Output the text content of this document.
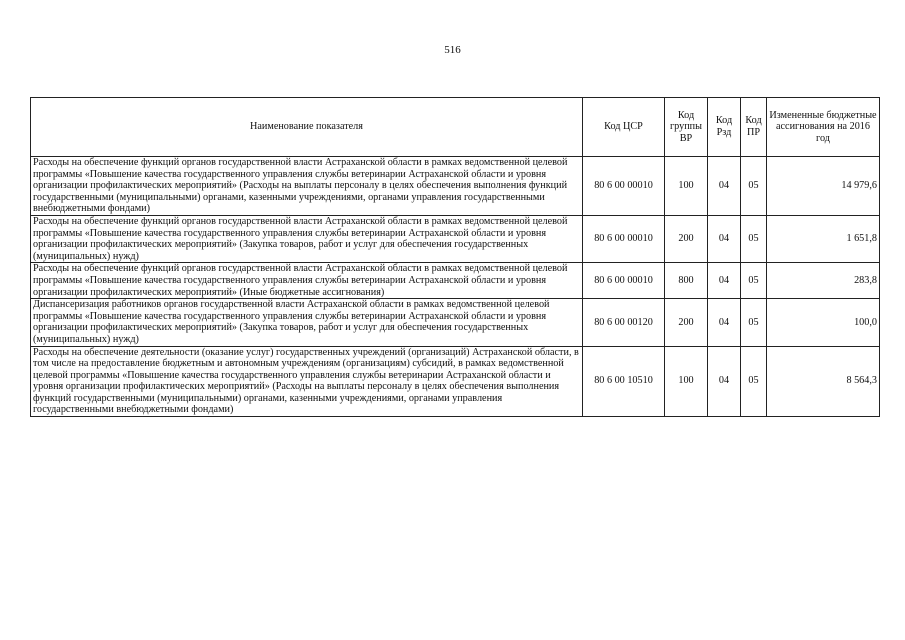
516
Наименование показателя	Код ЦСР	Код группы ВР	Код Рзд	Код ПР	Измененные бюджетные ассигнования на 2016 год
Расходы на обеспечение функций органов государственной власти Астраханской области в рамках ведомственной целевой программы «Повышение качества государственного управления службы ветеринарии Астраханской области и уровня организации профилактических мероприятий» (Расходы на выплаты персоналу в целях обеспечения выполнения функций государственными (муниципальными) органами, казенными учреждениями, органами управления государственными внебюджетными фондами)	80 6 00 00010	100	04	05	14 979,6
Расходы на обеспечение функций органов государственной власти Астраханской области в рамках ведомственной целевой программы «Повышение качества государственного управления службы ветеринарии Астраханской области и уровня организации профилактических мероприятий» (Закупка товаров, работ и услуг для обеспечения государственных (муниципальных) нужд)	80 6 00 00010	200	04	05	1 651,8
Расходы на обеспечение функций органов государственной власти Астраханской области в рамках ведомственной целевой программы «Повышение качества государственного управления службы ветеринарии Астраханской области и уровня организации профилактических мероприятий» (Иные бюджетные ассигнования)	80 6 00 00010	800	04	05	283,8
Диспансеризация работников органов государственной власти Астраханской области в рамках ведомственной целевой программы «Повышение качества государственного управления службы ветеринарии Астраханской области и уровня организации профилактических мероприятий» (Закупка товаров, работ и услуг для обеспечения государственных (муниципальных) нужд)	80 6 00 00120	200	04	05	100,0
Расходы на обеспечение деятельности (оказание услуг) государственных учреждений (организаций) Астраханской области, в том числе на предоставление бюджетным и автономным учреждениям (организациям) субсидий, в рамках ведомственной целевой программы «Повышение качества государственного управления службы ветеринарии Астраханской области и уровня организации профилактических мероприятий» (Расходы на выплаты персоналу в целях обеспечения выполнения функций государственными (муниципальными) органами, казенными учреждениями, органами управления государственными внебюджетными фондами)	80 6 00 10510	100	04	05	8 564,3
